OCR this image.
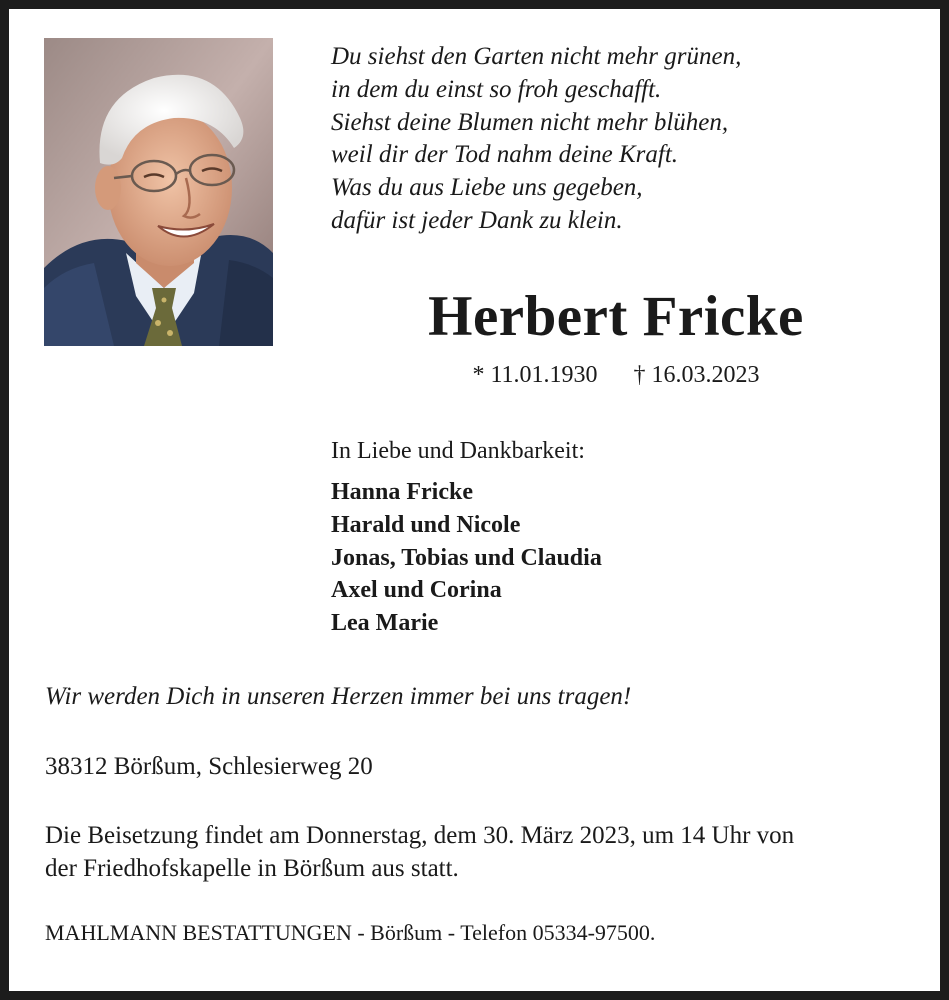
Du siehst den Garten nicht mehr grünen,
in dem du einst so froh geschafft.
Siehst deine Blumen nicht mehr blühen,
weil dir der Tod nahm deine Kraft.
Was du aus Liebe uns gegeben,
dafür ist jeder Dank zu klein.
Herbert Fricke
* 11.01.1930 † 16.03.2023
In Liebe und Dankbarkeit:
Hanna Fricke
Harald und Nicole
Jonas, Tobias und Claudia
Axel und Corina
Lea Marie
Wir werden Dich in unseren Herzen immer bei uns tragen!
38312 Börßum, Schlesierweg 20
Die Beisetzung findet am Donnerstag, dem 30. März 2023, um 14 Uhr von
der Friedhofskapelle in Börßum aus statt.
MAHLMANN BESTATTUNGEN - Börßum - Telefon 05334-97500.
